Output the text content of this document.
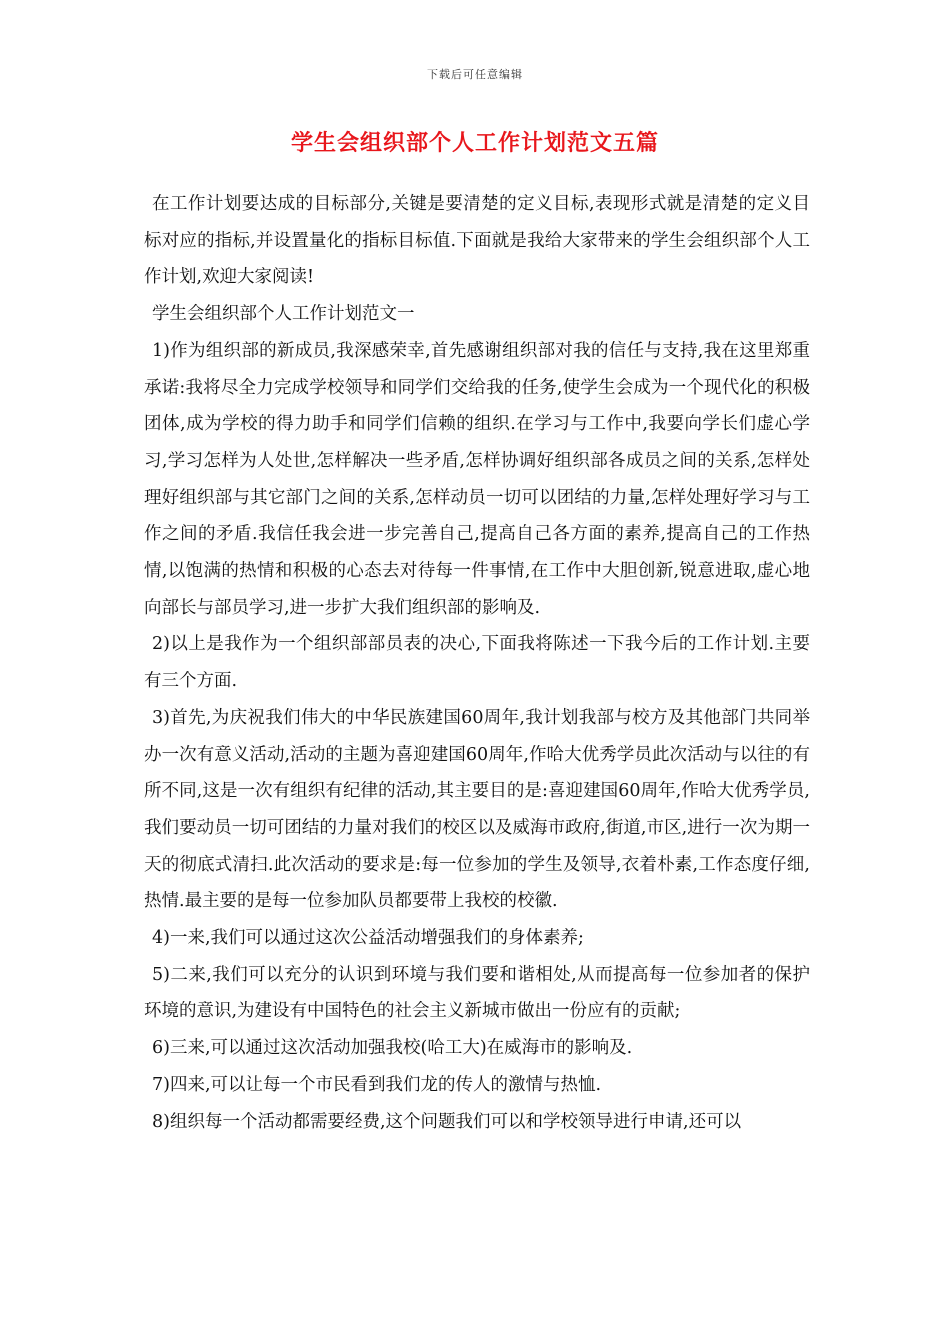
下载后可任意编辑
学生会组织部个人工作计划范文五篇

在工作计划要达成的目标部分,关键是要清楚的定义目标,表现形式就是清楚的定义目标对应的指标,并设置量化的指标目标值.下面就是我给大家带来的学生会组织部个人工作计划,欢迎大家阅读!

学生会组织部个人工作计划范文一

1)作为组织部的新成员,我深感荣幸,首先感谢组织部对我的信任与支持,我在这里郑重承诺:我将尽全力完成学校领导和同学们交给我的任务,使学生会成为一个现代化的积极团体,成为学校的得力助手和同学们信赖的组织.在学习与工作中,我要向学长们虚心学习,学习怎样为人处世,怎样解决一些矛盾,怎样协调好组织部各成员之间的关系,怎样处理好组织部与其它部门之间的关系,怎样动员一切可以团结的力量,怎样处理好学习与工作之间的矛盾.我信任我会进一步完善自己,提高自己各方面的素养,提高自己的工作热情,以饱满的热情和积极的心态去对待每一件事情,在工作中大胆创新,锐意进取,虚心地向部长与部员学习,进一步扩大我们组织部的影响及.

2)以上是我作为一个组织部部员表的决心,下面我将陈述一下我今后的工作计划.主要有三个方面.

3)首先,为庆祝我们伟大的中华民族建国60周年,我计划我部与校方及其他部门共同举办一次有意义活动,活动的主题为喜迎建国60周年,作哈大优秀学员此次活动与以往的有所不同,这是一次有组织有纪律的活动,其主要目的是:喜迎建国60周年,作哈大优秀学员,我们要动员一切可团结的力量对我们的校区以及威海市政府,街道,市区,进行一次为期一天的彻底式清扫.此次活动的要求是:每一位参加的学生及领导,衣着朴素,工作态度仔细,热情.最主要的是每一位参加队员都要带上我校的校徽.

4)一来,我们可以通过这次公益活动增强我们的身体素养;

5)二来,我们可以充分的认识到环境与我们要和谐相处,从而提高每一位参加者的保护环境的意识,为建设有中国特色的社会主义新城市做出一份应有的贡献;

6)三来,可以通过这次活动加强我校(哈工大)在威海市的影响及.

7)四来,可以让每一个市民看到我们龙的传人的激情与热恤.

8)组织每一个活动都需要经费,这个问题我们可以和学校领导进行申请,还可以
